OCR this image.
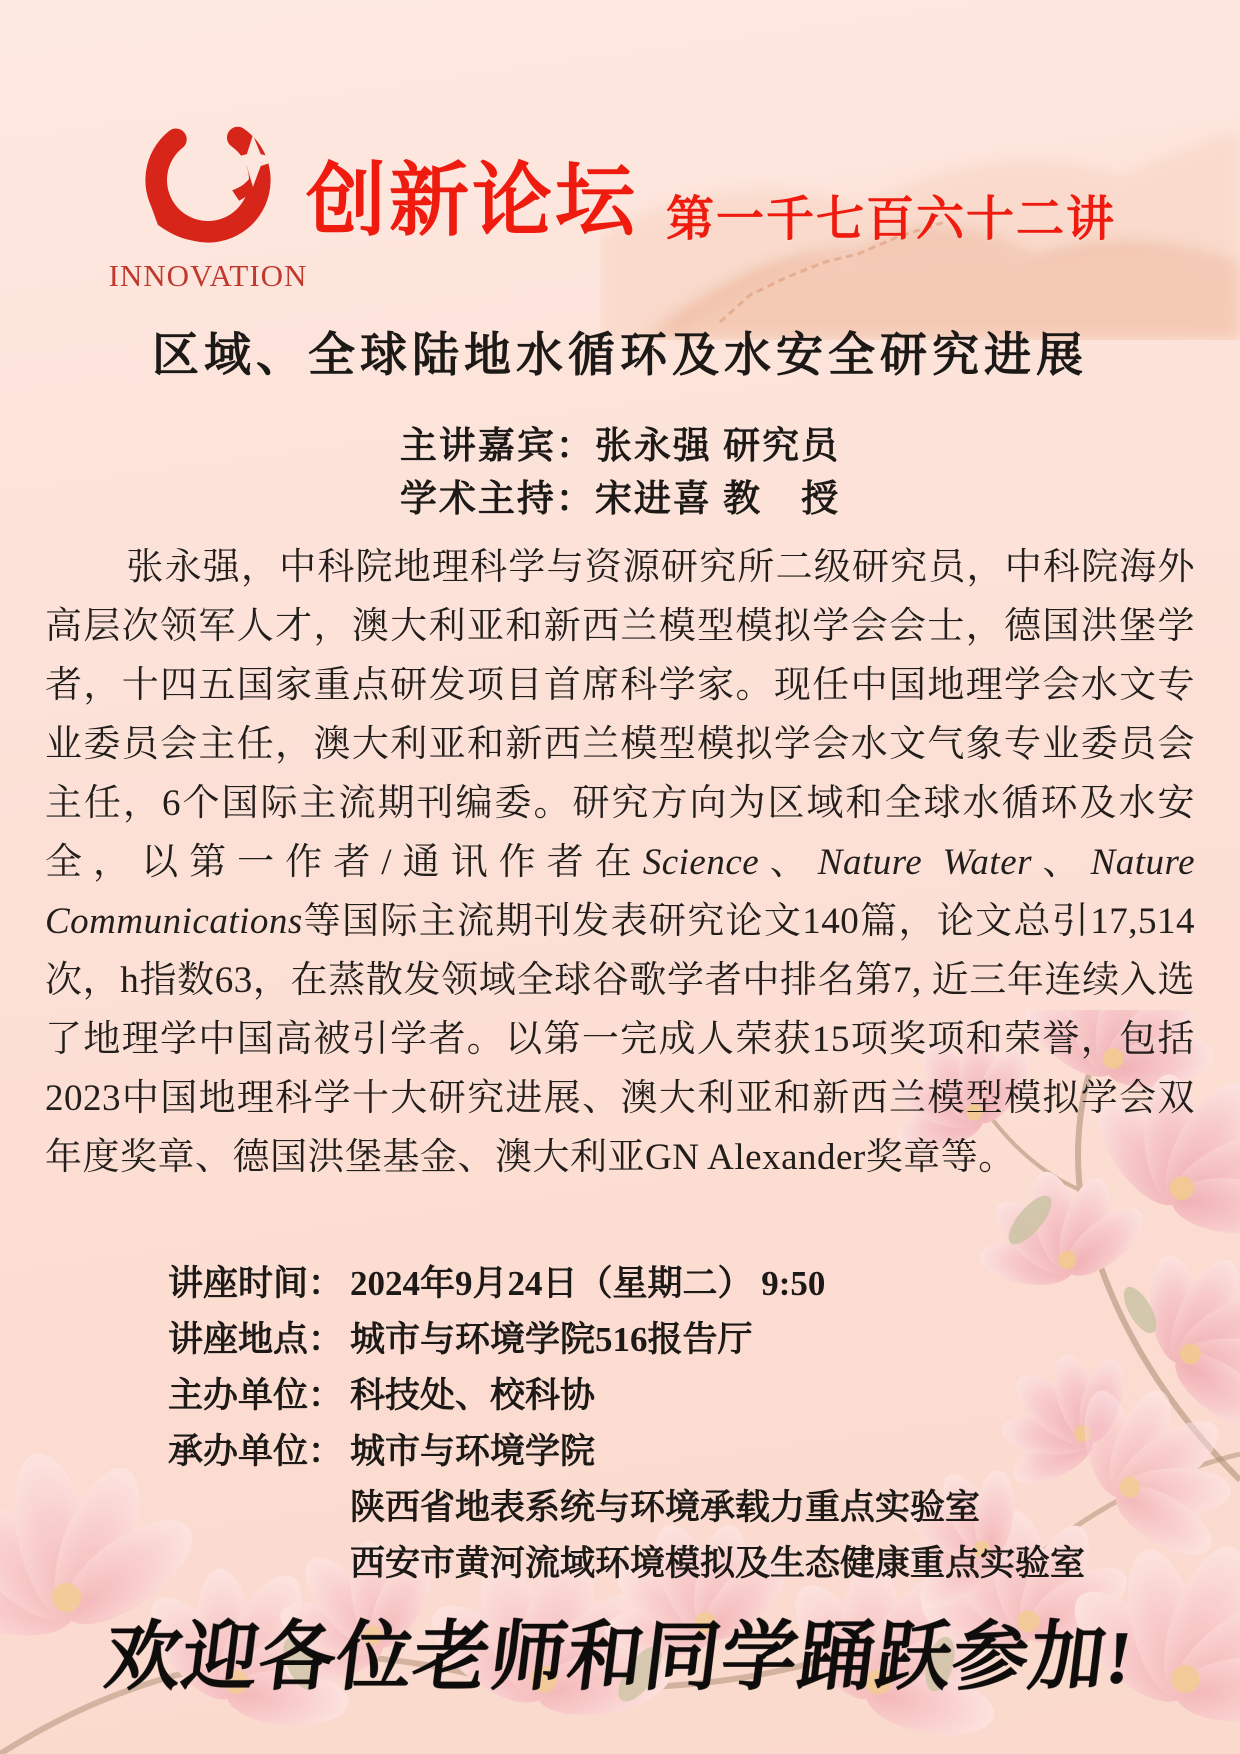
INNOVATION
创新论坛 第一千七百六十二讲
区域、全球陆地水循环及水安全研究进展
主讲嘉宾：张永强 研究员
学术主持：宋进喜 教　授

张永强，中科院地理科学与资源研究所二级研究员，中科院海外高层次领军人才，澳大利亚和新西兰模型模拟学会会士，德国洪堡学者，十四五国家重点研发项目首席科学家。现任中国地理学会水文专业委员会主任，澳大利亚和新西兰模型模拟学会水文气象专业委员会主任，6个国际主流期刊编委。研究方向为区域和全球水循环及水安全，以第一作者/通讯作者在Science、Nature Water、Nature Communications等国际主流期刊发表研究论文140篇，论文总引17,514次，h指数63，在蒸散发领域全球谷歌学者中排名第7, 近三年连续入选了地理学中国高被引学者。以第一完成人荣获15项奖项和荣誉，包括2023中国地理科学十大研究进展、澳大利亚和新西兰模型模拟学会双年度奖章、德国洪堡基金、澳大利亚GN Alexander奖章等。

讲座时间： 2024年9月24日（星期二） 9:50
讲座地点： 城市与环境学院516报告厅
主办单位： 科技处、校科协
承办单位： 城市与环境学院
陕西省地表系统与环境承载力重点实验室
西安市黄河流域环境模拟及生态健康重点实验室
欢迎各位老师和同学踊跃参加!
